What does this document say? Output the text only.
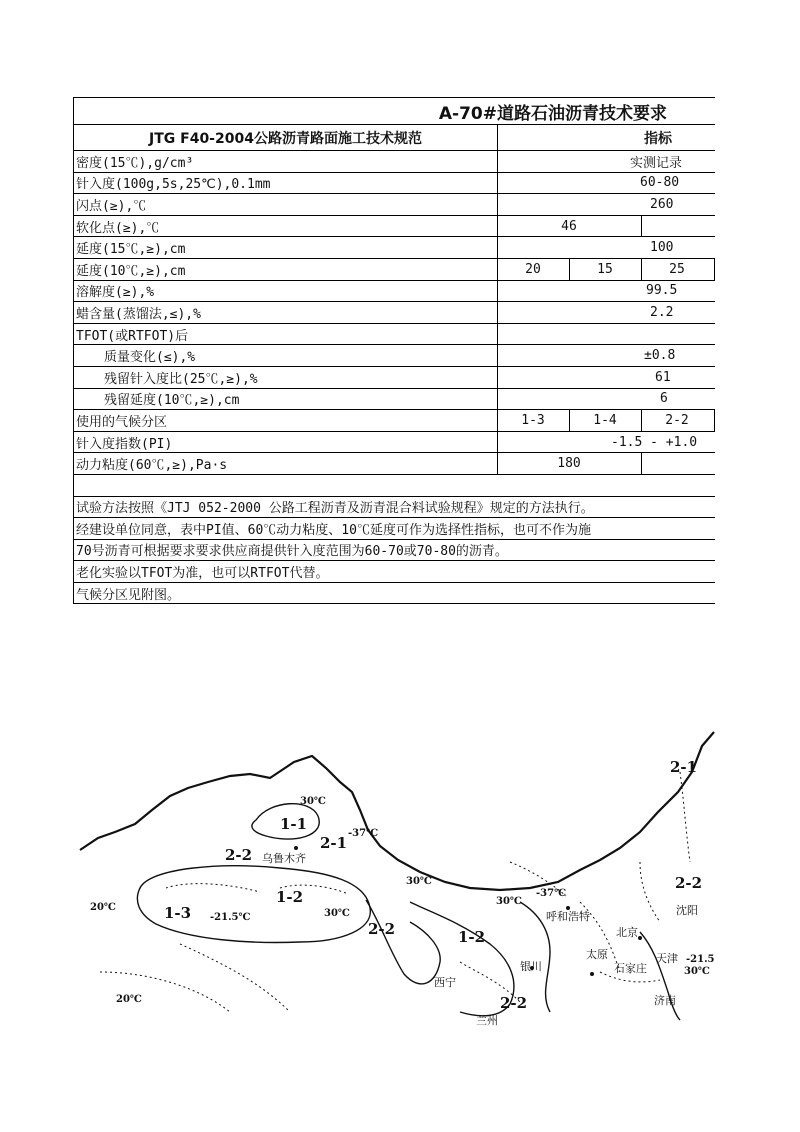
A-70#道路石油沥青技术要求
JTG F40-2004公路沥青路面施工技术规范	指标
密度(15℃),g/cm³	实测记录
针入度(100g,5s,25℃),0.1mm	60-80
闪点(≥),℃	260
软化点(≥),℃	46
延度(15℃,≥),cm	100
延度(10℃,≥),cm	20	15	25
溶解度(≥),%	99.5
蜡含量(蒸馏法,≤),%	2.2
TFOT(或RTFOT)后
质量变化(≤),%	±0.8
残留针入度比(25℃,≥),%	61
残留延度(10℃,≥),cm	6
使用的气候分区	1-3	1-4	2-2
针入度指数(PI)	-1.5 - +1.0
动力粘度(60℃,≥),Pa·s	180
试验方法按照《JTJ 052-2000 公路工程沥青及沥青混合料试验规程》规定的方法执行。
经建设单位同意，表中PI值、60℃动力粘度、10℃延度可作为选择性指标，也可不作为施
70号沥青可根据要求要求供应商提供针入度范围为60-70或70-80的沥青。
老化实验以TFOT为准，也可以RTFOT代替。
气候分区见附图。
1-1
2-1
2-2
1-2
1-3
2-2	1-2
2-2
2-1
2-2
30℃
-37℃
30℃
-21.5℃	30℃
30℃
-37℃
20℃
20℃
-21.5
30℃
乌鲁木齐
呼和浩特
北京
天津
沈阳
太原
石家庄
银川
西宁
济南
兰州
